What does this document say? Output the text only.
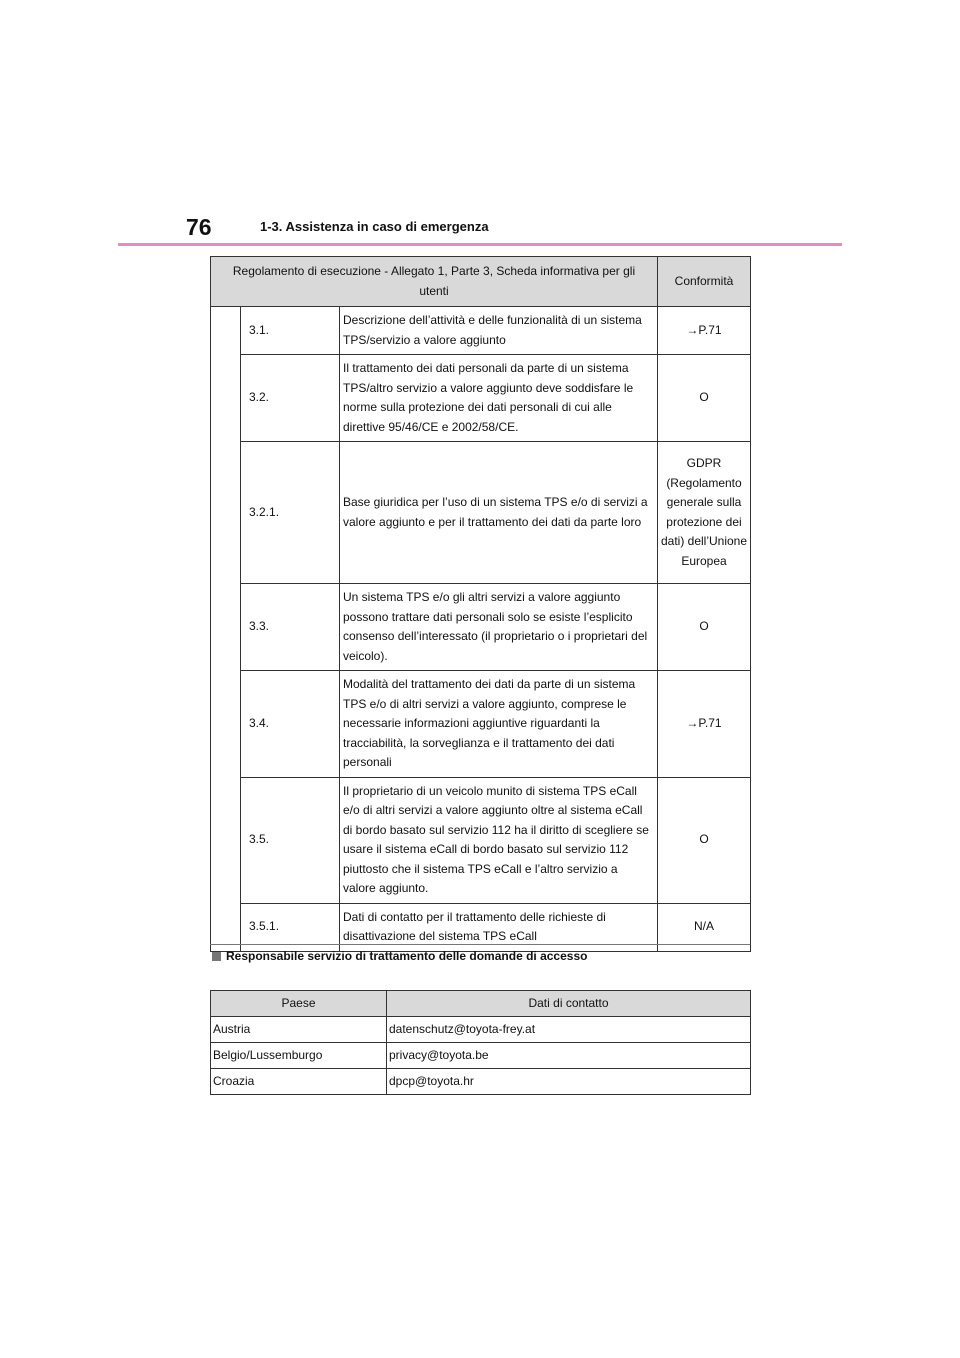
76	1-3. Assistenza in caso di emergenza
Regolamento di esecuzione - Allegato 1, Parte 3, Scheda informativa per gli utenti			Conformità
	3.1.	Descrizione dell’attività e delle funzionalità di un sistema TPS/servizio a valore aggiunto	→P.71
	3.2.	Il trattamento dei dati personali da parte di un sistema TPS/altro servizio a valore aggiunto deve soddisfare le norme sulla protezione dei dati personali di cui alle direttive 95/46/CE e 2002/58/CE.	O
	3.2.1.	Base giuridica per l’uso di un sistema TPS e/o di servizi a valore aggiunto e per il trattamento dei dati da parte loro	GDPR (Regolamento generale sulla protezione dei dati) dell’Unione Europea
	3.3.	Un sistema TPS e/o gli altri servizi a valore aggiunto possono trattare dati personali solo se esiste l’esplicito consenso dell’interessato (il proprietario o i proprietari del veicolo).	O
	3.4.	Modalità del trattamento dei dati da parte di un sistema TPS e/o di altri servizi a valore aggiunto, comprese le necessarie informazioni aggiuntive riguardanti la tracciabilità, la sorveglianza e il trattamento dei dati personali	→P.71
	3.5.	Il proprietario di un veicolo munito di sistema TPS eCall e/o di altri servizi a valore aggiunto oltre al sistema eCall di bordo basato sul servizio 112 ha il diritto di scegliere se usare il sistema eCall di bordo basato sul servizio 112 piuttosto che il sistema TPS eCall e l’altro servizio a valore aggiunto.	O
	3.5.1.	Dati di contatto per il trattamento delle richieste di disattivazione del sistema TPS eCall	N/A
Responsabile servizio di trattamento delle domande di accesso
Paese	Dati di contatto
Austria	datenschutz@toyota-frey.at
Belgio/Lussemburgo	privacy@toyota.be
Croazia	dpcp@toyota.hr
